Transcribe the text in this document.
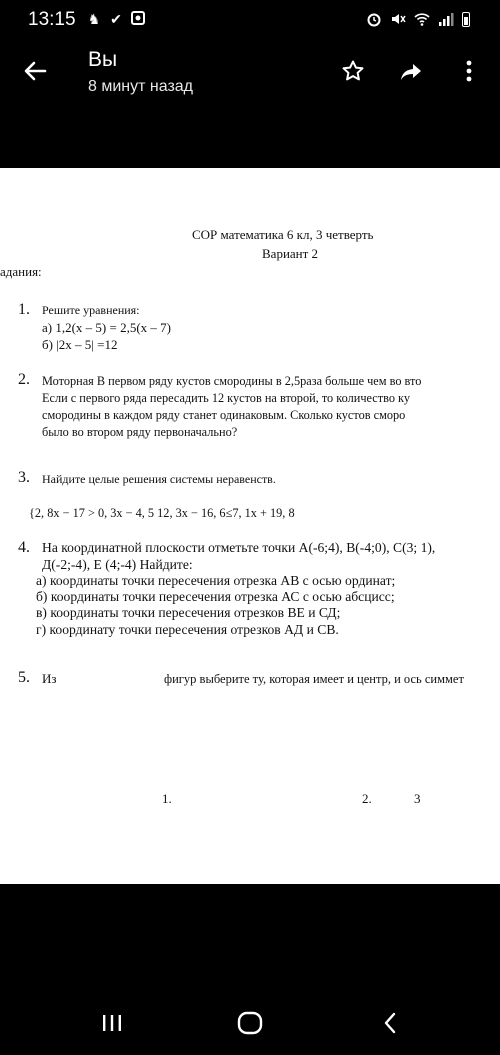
13:15 ♞ ✔
Вы
8 минут назад
СОР математика 6 кл, 3 четверть
Вариант 2
адания:
1. Решите уравнения:
а) 1,2(x – 5) = 2,5(x – 7)
б) |2x – 5| =12
2. Моторная В первом ряду кустов смородины в 2,5раза больше чем во вто
Если с первого ряда пересадить 12 кустов на второй, то количество ку
смородины в каждом ряду станет одинаковым. Сколько кустов сморо
было во втором ряду первоначально?
3. Найдите целые решения системы неравенств.
{2, 8x − 17 > 0, 3x − 4, 5 12, 3x − 16, 6≤7, 1x + 19, 8
4. На координатной плоскости отметьте точки А(-6;4), В(-4;0), С(3; 1),
Д(-2;-4), Е (4;-4) Найдите:
а) координаты точки пересечения отрезка АВ с осью ординат;
б) координаты точки пересечения отрезка АС с осью абсцисс;
в) координаты точки пересечения отрезков ВЕ и СД;
г) координату точки пересечения отрезков АД и СВ.
5. Из	фигур выберите ту, которая имеет и центр, и ось симмет
1.	2.	3
